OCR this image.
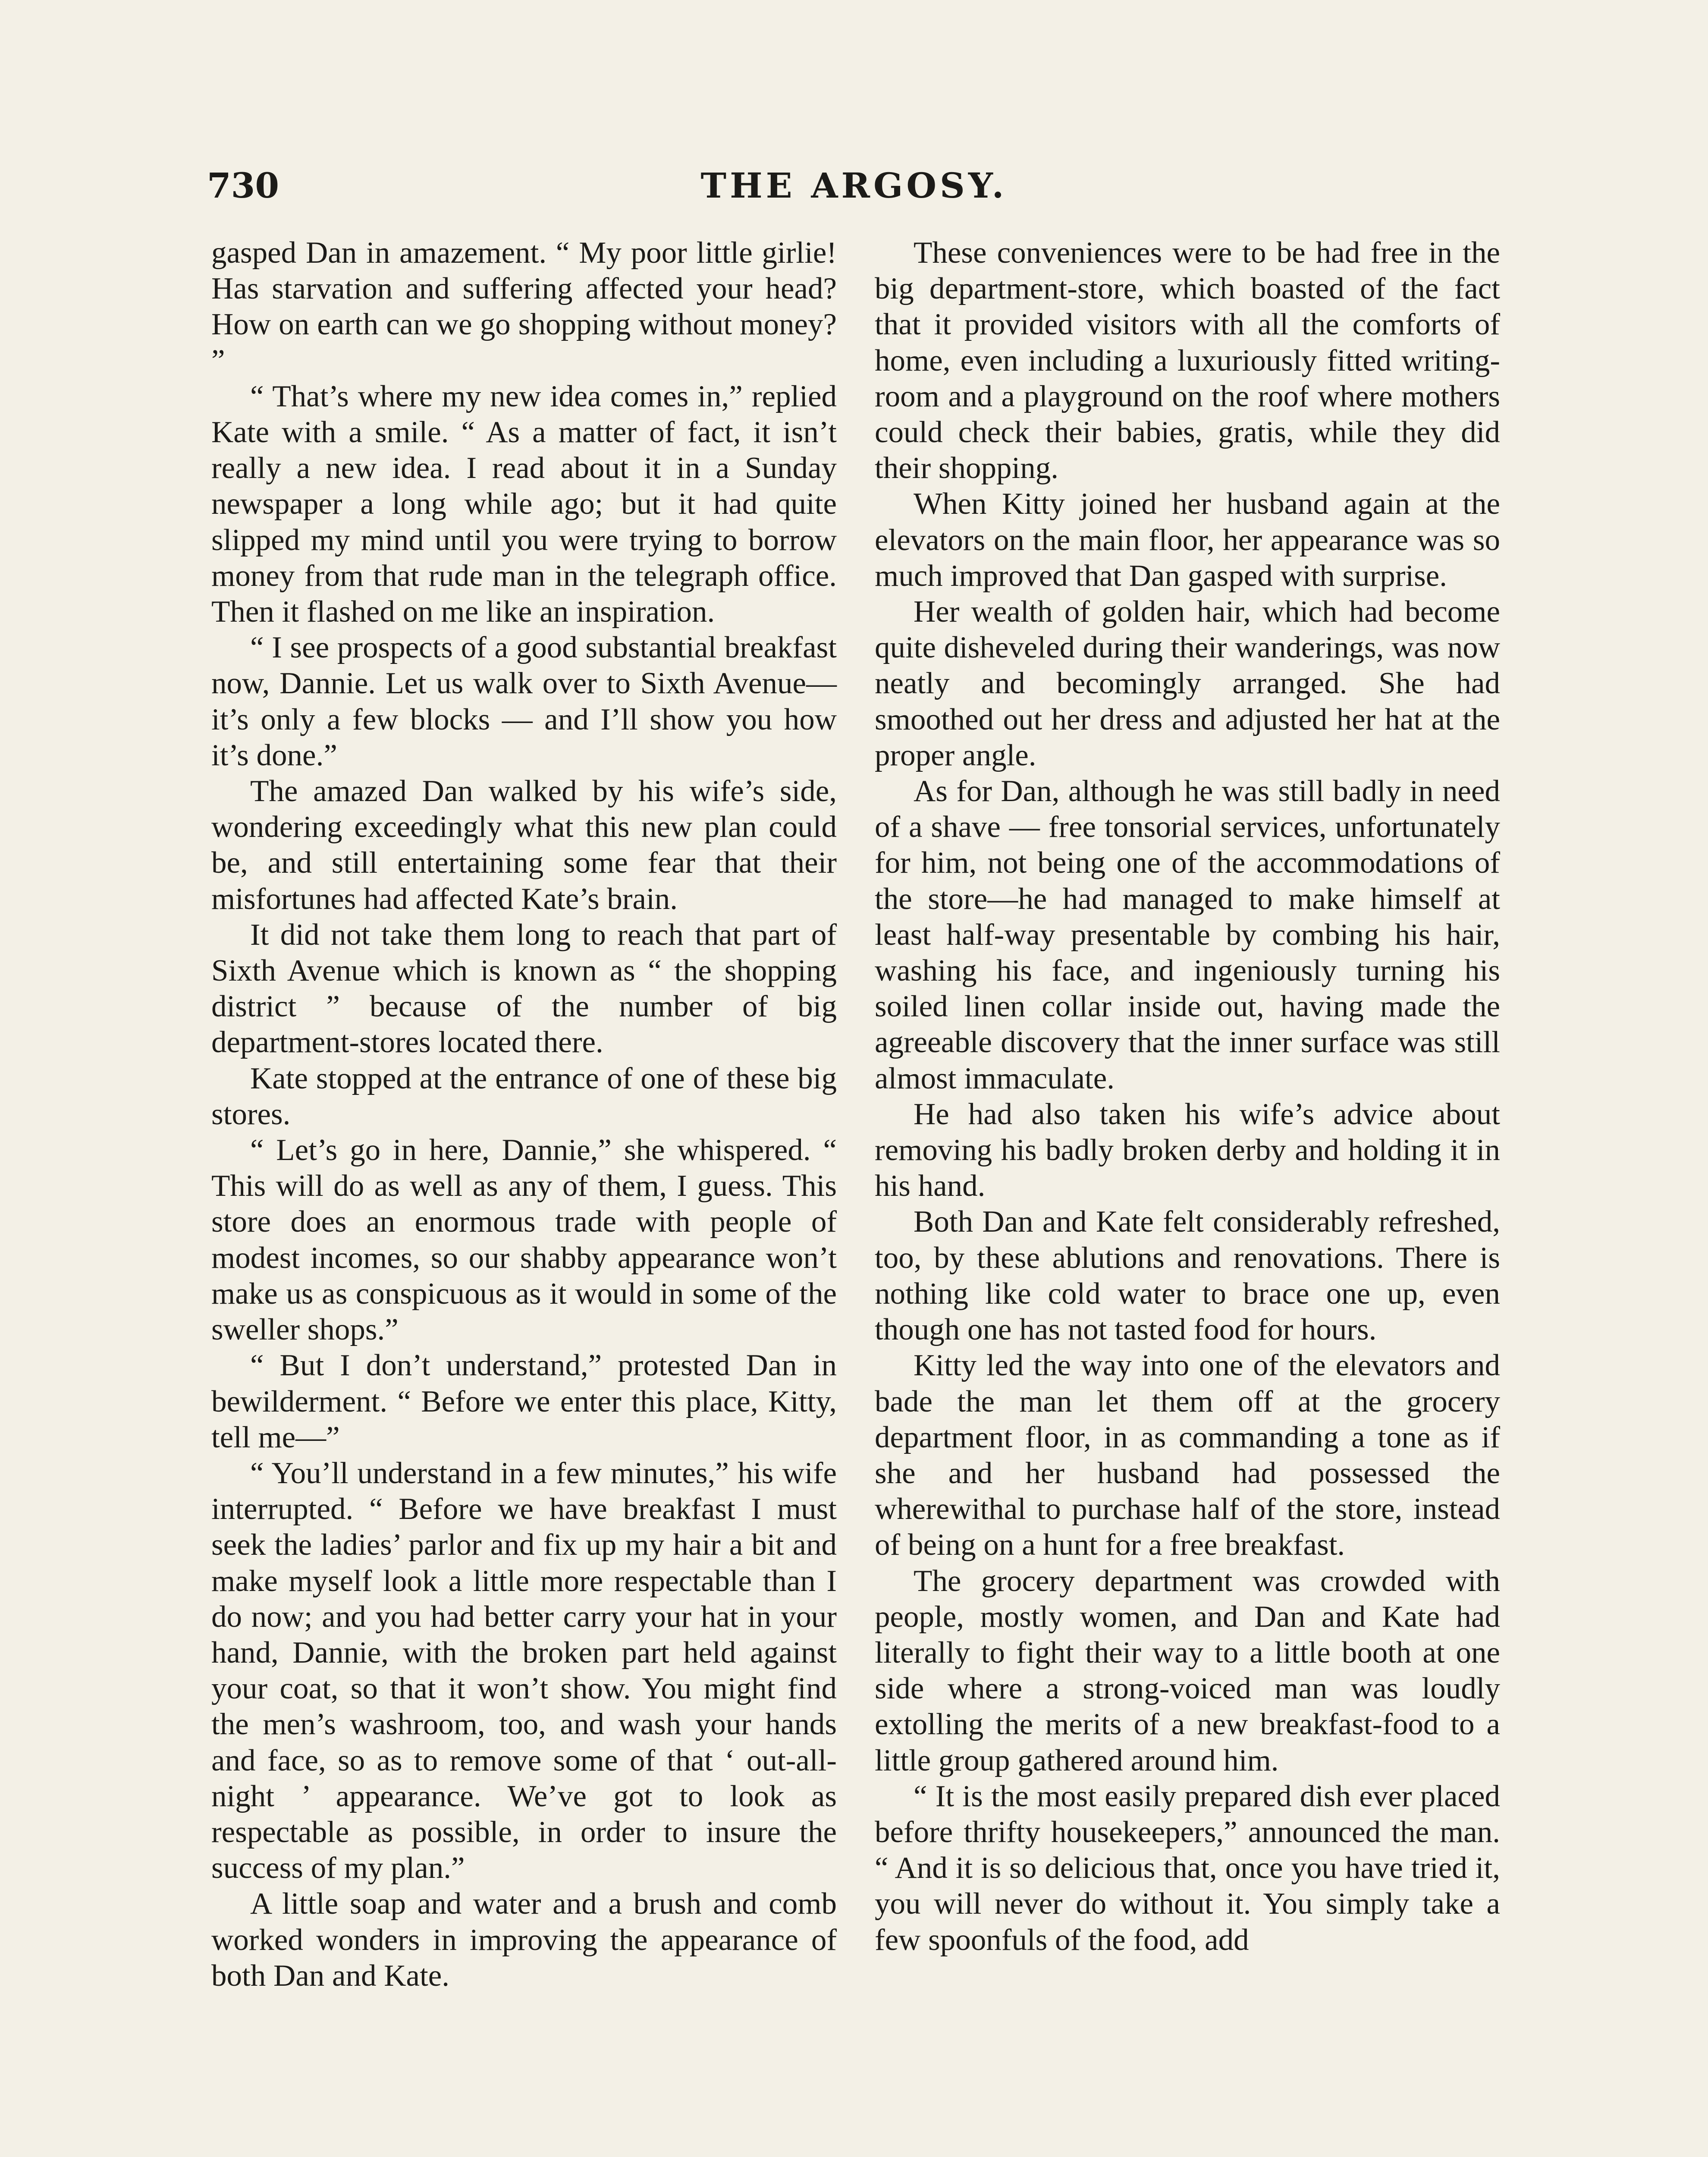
730	THE ARGOSY.

gasped Dan in amazement. “ My poor little girlie! Has starvation and suffering affected your head? How on earth can we go shopping without money? ”

“ That’s where my new idea comes in,” replied Kate with a smile. “ As a matter of fact, it isn’t really a new idea. I read about it in a Sunday newspaper a long while ago; but it had quite slipped my mind until you were trying to borrow money from that rude man in the telegraph office. Then it flashed on me like an inspiration.

“ I see prospects of a good substantial breakfast now, Dannie. Let us walk over to Sixth Avenue—it’s only a few blocks — and I’ll show you how it’s done.”

The amazed Dan walked by his wife’s side, wondering exceedingly what this new plan could be, and still entertaining some fear that their misfortunes had affected Kate’s brain.

It did not take them long to reach that part of Sixth Avenue which is known as “ the shopping district ” because of the number of big department-stores located there.

Kate stopped at the entrance of one of these big stores.

“ Let’s go in here, Dannie,” she whispered. “ This will do as well as any of them, I guess. This store does an enormous trade with people of modest incomes, so our shabby appearance won’t make us as conspicuous as it would in some of the sweller shops.”

“ But I don’t understand,” protested Dan in bewilderment. “ Before we enter this place, Kitty, tell me—”

“ You’ll understand in a few minutes,” his wife interrupted. “ Before we have breakfast I must seek the ladies’ parlor and fix up my hair a bit and make myself look a little more respectable than I do now; and you had better carry your hat in your hand, Dannie, with the broken part held against your coat, so that it won’t show. You might find the men’s washroom, too, and wash your hands and face, so as to remove some of that ‘ out-all-night ’ appearance. We’ve got to look as respectable as possible, in order to insure the success of my plan.”

A little soap and water and a brush and comb worked wonders in improving the appearance of both Dan and Kate.

These conveniences were to be had free in the big department-store, which boasted of the fact that it provided visitors with all the comforts of home, even including a luxuriously fitted writing-room and a playground on the roof where mothers could check their babies, gratis, while they did their shopping.

When Kitty joined her husband again at the elevators on the main floor, her appearance was so much improved that Dan gasped with surprise.

Her wealth of golden hair, which had become quite disheveled during their wanderings, was now neatly and becomingly arranged. She had smoothed out her dress and adjusted her hat at the proper angle.

As for Dan, although he was still badly in need of a shave — free tonsorial services, unfortunately for him, not being one of the accommodations of the store—he had managed to make himself at least half-way presentable by combing his hair, washing his face, and ingeniously turning his soiled linen collar inside out, having made the agreeable discovery that the inner surface was still almost immaculate.

He had also taken his wife’s advice about removing his badly broken derby and holding it in his hand.

Both Dan and Kate felt considerably refreshed, too, by these ablutions and renovations. There is nothing like cold water to brace one up, even though one has not tasted food for hours.

Kitty led the way into one of the elevators and bade the man let them off at the grocery department floor, in as commanding a tone as if she and her husband had possessed the wherewithal to purchase half of the store, instead of being on a hunt for a free breakfast.

The grocery department was crowded with people, mostly women, and Dan and Kate had literally to fight their way to a little booth at one side where a strong-voiced man was loudly extolling the merits of a new breakfast-food to a little group gathered around him.

“ It is the most easily prepared dish ever placed before thrifty housekeepers,” announced the man. “ And it is so delicious that, once you have tried it, you will never do without it. You simply take a few spoonfuls of the food, add
